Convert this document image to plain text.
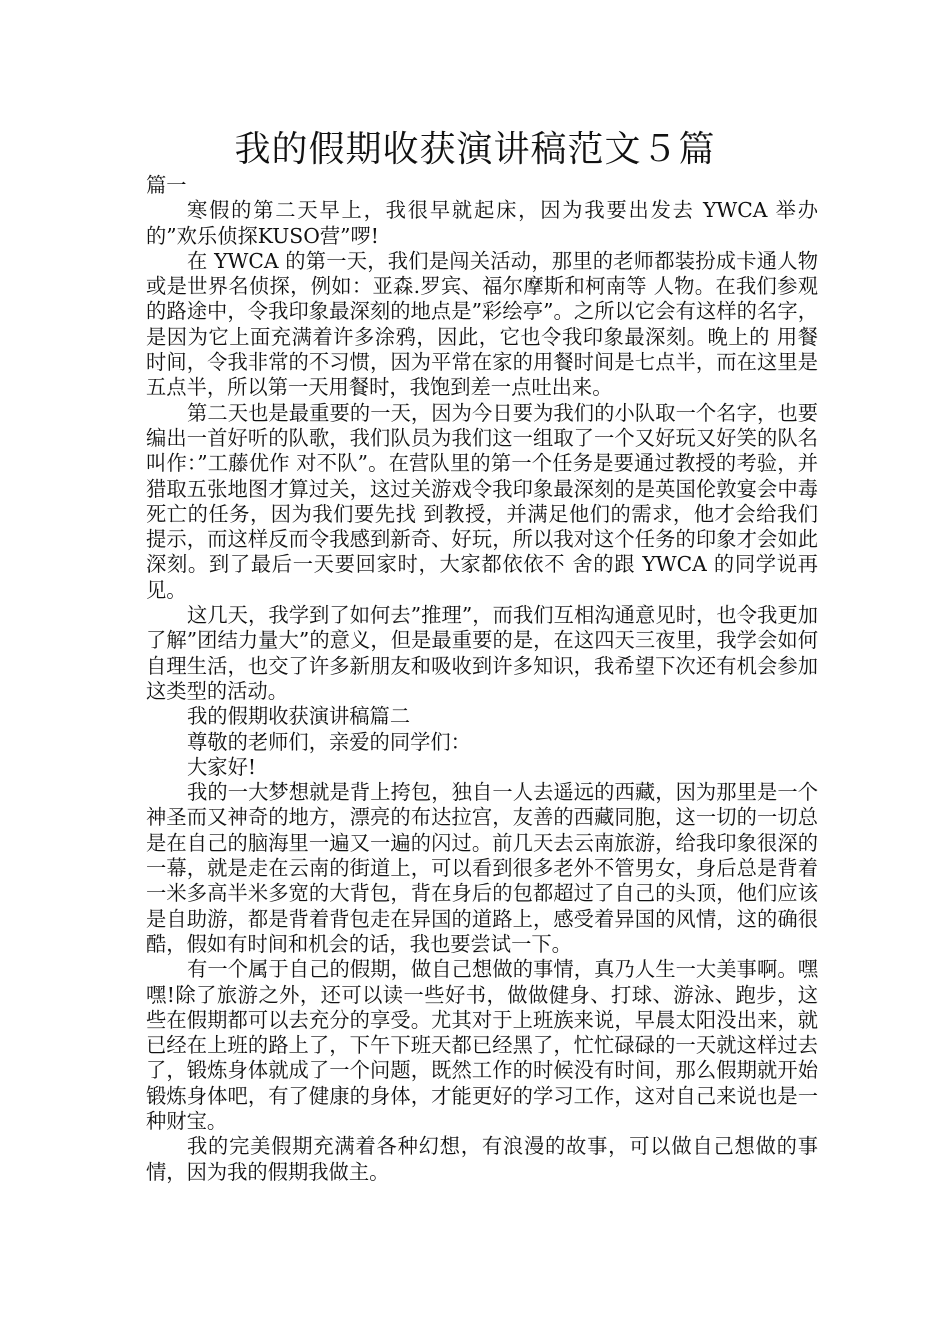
我的假期收获演讲稿范文５篇

篇一

寒假的第二天早上，我很早就起床，因为我要出发去 YWCA 举办的”欢乐侦探KUSO营”啰!

在 YWCA 的第一天，我们是闯关活动，那里的老师都装扮成卡通人物或是世界名侦探，例如：亚森.罗宾、福尔摩斯和柯南等 人物。在我们参观的路途中，令我印象最深刻的地点是”彩绘亭”。之所以它会有这样的名字，是因为它上面充满着许多涂鸦，因此，它也令我印象最深刻。晚上的 用餐时间，令我非常的不习惯，因为平常在家的用餐时间是七点半，而在这里是五点半，所以第一天用餐时，我饱到差一点吐出来。

第二天也是最重要的一天，因为今日要为我们的小队取一个名字，也要编出一首好听的队歌，我们队员为我们这一组取了一个又好玩又好笑的队名叫作：”工藤优作 对不队”。在营队里的第一个任务是要通过教授的考验，并猎取五张地图才算过关，这过关游戏令我印象最深刻的是英国伦敦宴会中毒死亡的任务，因为我们要先找 到教授，并满足他们的需求，他才会给我们提示，而这样反而令我感到新奇、好玩，所以我对这个任务的印象才会如此深刻。到了最后一天要回家时，大家都依依不 舍的跟 YWCA 的同学说再见。

这几天，我学到了如何去”推理”，而我们互相沟通意见时，也令我更加了解”团结力量大”的意义，但是最重要的是，在这四天三夜里，我学会如何自理生活，也交了许多新朋友和吸收到许多知识，我希望下次还有机会参加这类型的活动。

我的假期收获演讲稿篇二

尊敬的老师们，亲爱的同学们：

大家好!

我的一大梦想就是背上挎包，独自一人去遥远的西藏，因为那里是一个神圣而又神奇的地方，漂亮的布达拉宫，友善的西藏同胞，这一切的一切总是在自己的脑海里一遍又一遍的闪过。前几天去云南旅游，给我印象很深的一幕，就是走在云南的街道上，可以看到很多老外不管男女，身后总是背着一米多高半米多宽的大背包，背在身后的包都超过了自己的头顶，他们应该是自助游，都是背着背包走在异国的道路上，感受着异国的风情，这的确很酷，假如有时间和机会的话，我也要尝试一下。

有一个属于自己的假期，做自己想做的事情，真乃人生一大美事啊。嘿嘿!除了旅游之外，还可以读一些好书，做做健身、打球、游泳、跑步，这些在假期都可以去充分的享受。尤其对于上班族来说，早晨太阳没出来，就已经在上班的路上了，下午下班天都已经黑了，忙忙碌碌的一天就这样过去了，锻炼身体就成了一个问题，既然工作的时候没有时间，那么假期就开始锻炼身体吧，有了健康的身体，才能更好的学习工作，这对自己来说也是一种财宝。

我的完美假期充满着各种幻想，有浪漫的故事，可以做自己想做的事情，因为我的假期我做主。
